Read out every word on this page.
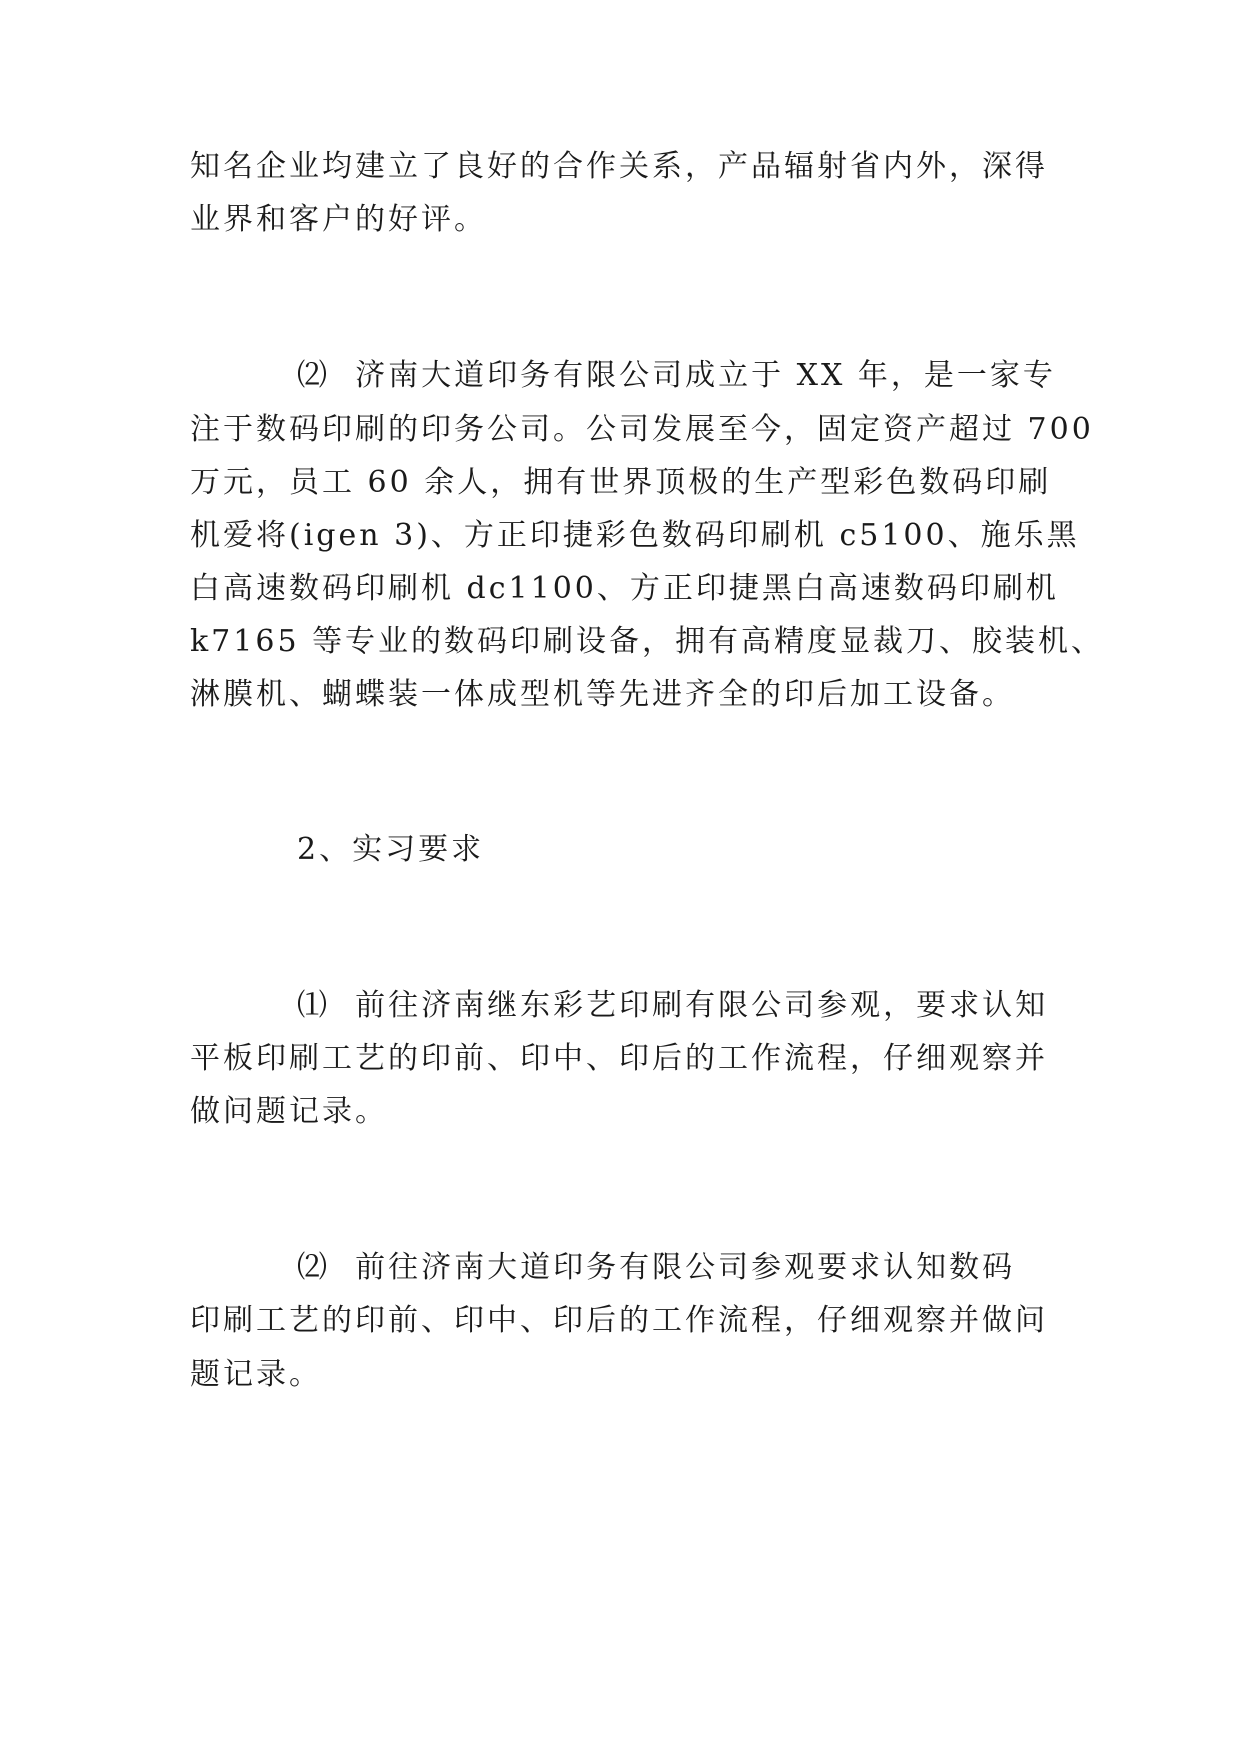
知名企业均建立了良好的合作关系，产品辐射省内外，深得
业界和客户的好评。
⑵  济南大道印务有限公司成立于 XX 年，是一家专
注于数码印刷的印务公司。公司发展至今，固定资产超过 700
万元，员工 60 余人，拥有世界顶极的生产型彩色数码印刷
机爱将(igen 3)、方正印捷彩色数码印刷机 c5100、施乐黑
白高速数码印刷机 dc1100、方正印捷黑白高速数码印刷机
k7165 等专业的数码印刷设备，拥有高精度显裁刀、胶装机、
淋膜机、蝴蝶装一体成型机等先进齐全的印后加工设备。
2、实习要求
⑴  前往济南继东彩艺印刷有限公司参观，要求认知
平板印刷工艺的印前、印中、印后的工作流程，仔细观察并
做问题记录。
⑵  前往济南大道印务有限公司参观要求认知数码
印刷工艺的印前、印中、印后的工作流程，仔细观察并做问
题记录。
